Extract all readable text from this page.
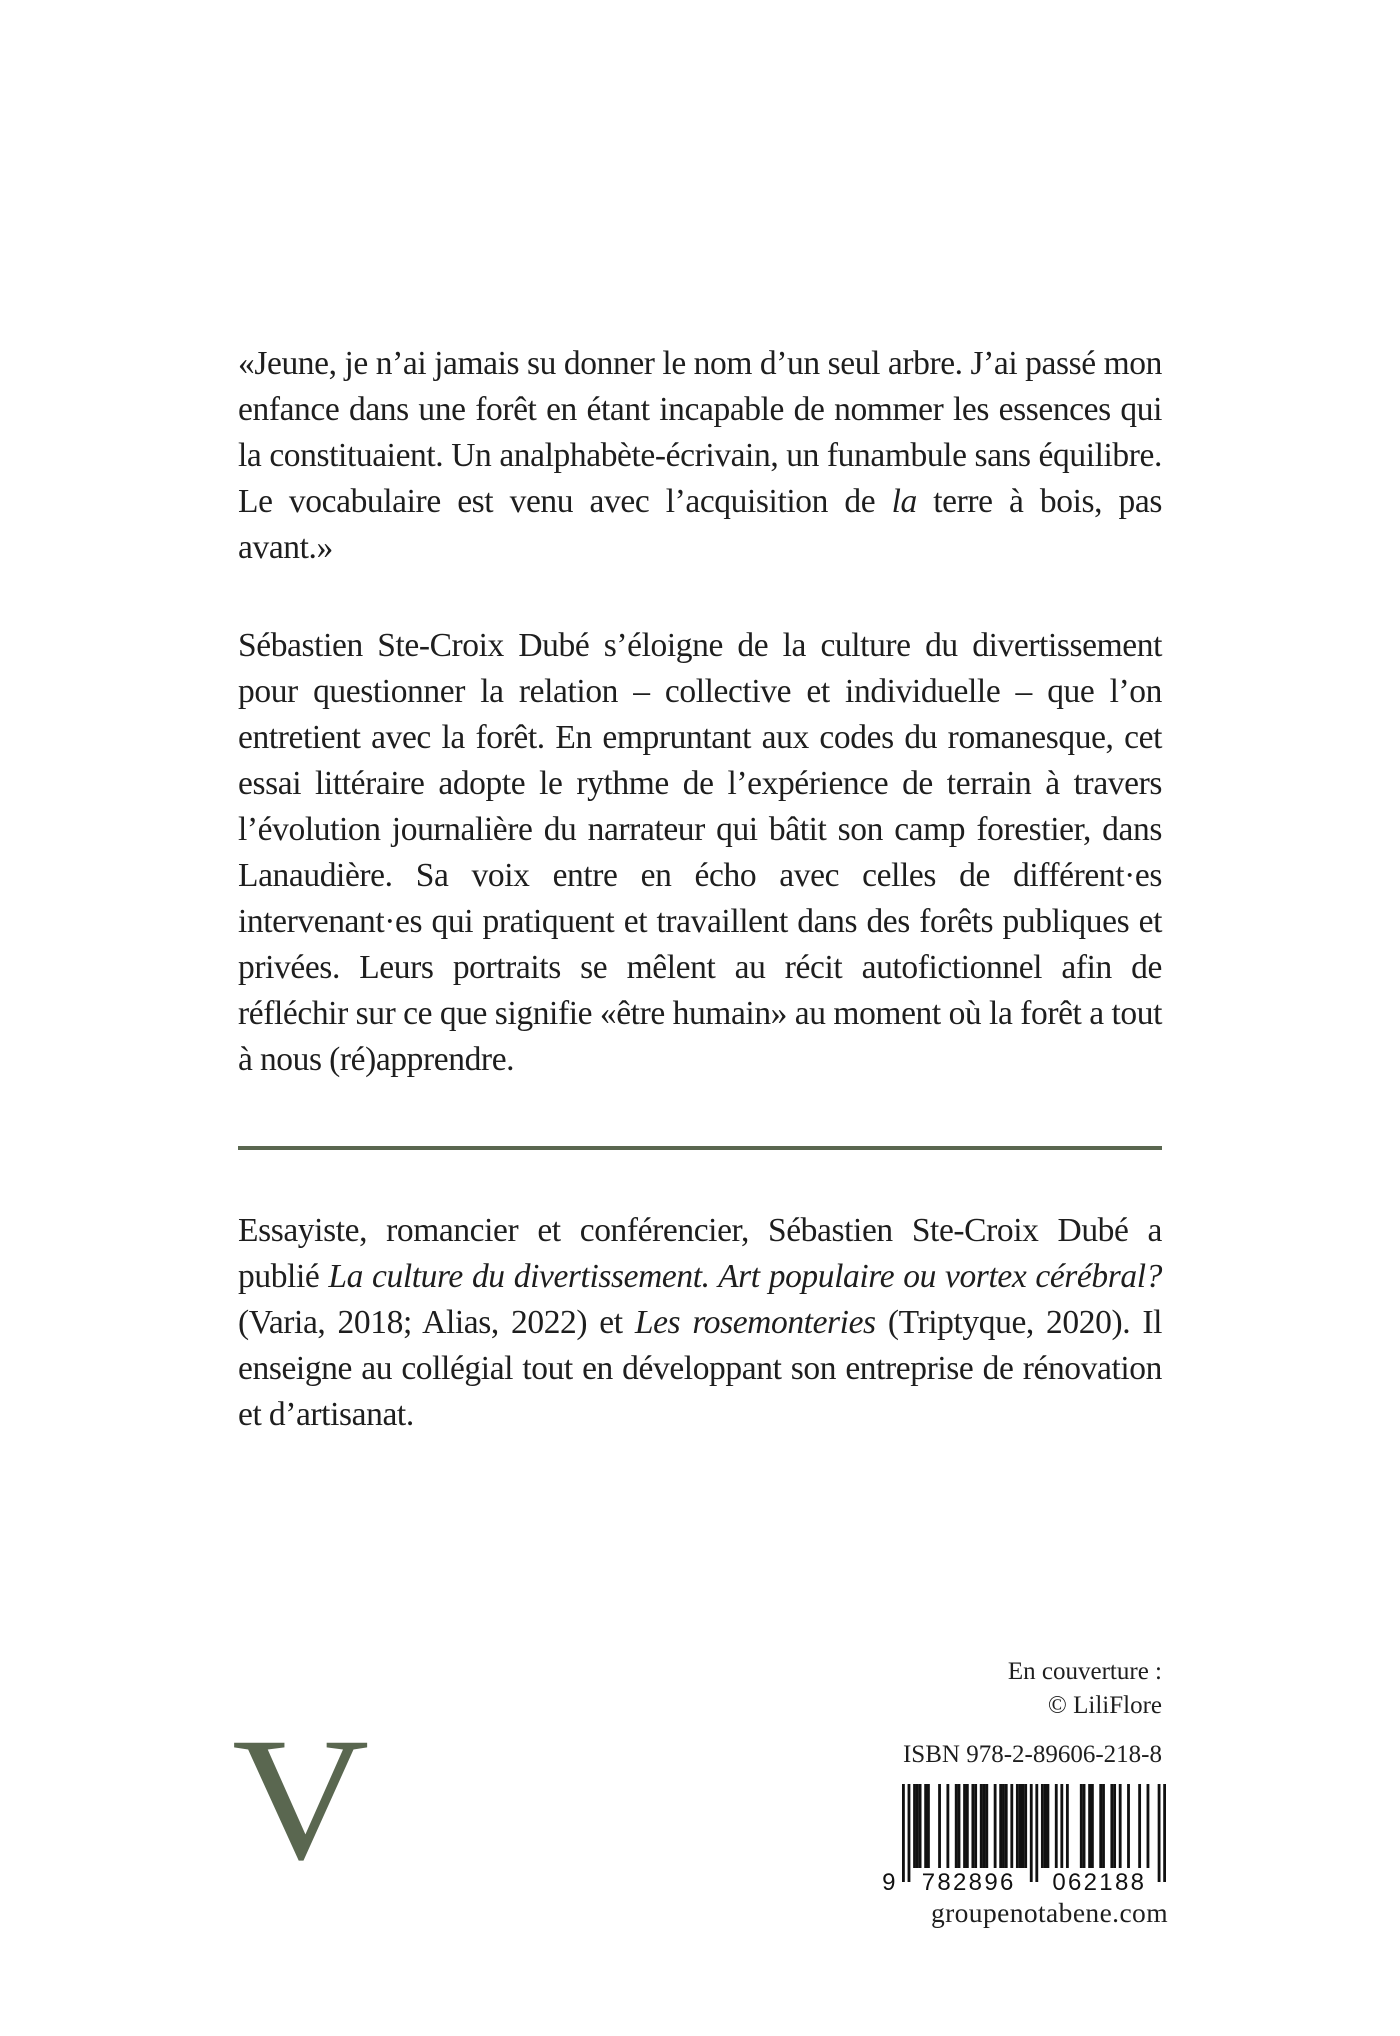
«Jeune, je n’ai jamais su donner le nom d’un seul arbre. J’ai passé mon enfance dans une forêt en étant incapable de nommer les essences qui la constituaient. Un analphabète-écrivain, un funambule sans équilibre. Le vocabulaire est venu avec l’acquisition de la terre à bois, pas avant.»

Sébastien Ste-Croix Dubé s’éloigne de la culture du divertissement pour questionner la relation – collective et individuelle – que l’on entretient avec la forêt. En empruntant aux codes du romanesque, cet essai littéraire adopte le rythme de l’expérience de terrain à travers l’évolution journalière du narrateur qui bâtit son camp forestier, dans Lanaudière. Sa voix entre en écho avec celles de différent·es intervenant·es qui pratiquent et travaillent dans des forêts publiques et privées. Leurs portraits se mêlent au récit autofictionnel afin de réfléchir sur ce que signifie «être humain» au moment où la forêt a tout à nous (ré)apprendre.

Essayiste, romancier et conférencier, Sébastien Ste-Croix Dubé a publié La culture du divertissement. Art populaire ou vortex cérébral? (Varia, 2018; Alias, 2022) et Les rosemonteries (Triptyque, 2020). Il enseigne au collégial tout en développant son entreprise de rénovation et d’artisanat.

V
En couverture :
© LiliFlore
ISBN 978-2-89606-218-8
9 782896 062188
groupenotabene.com
